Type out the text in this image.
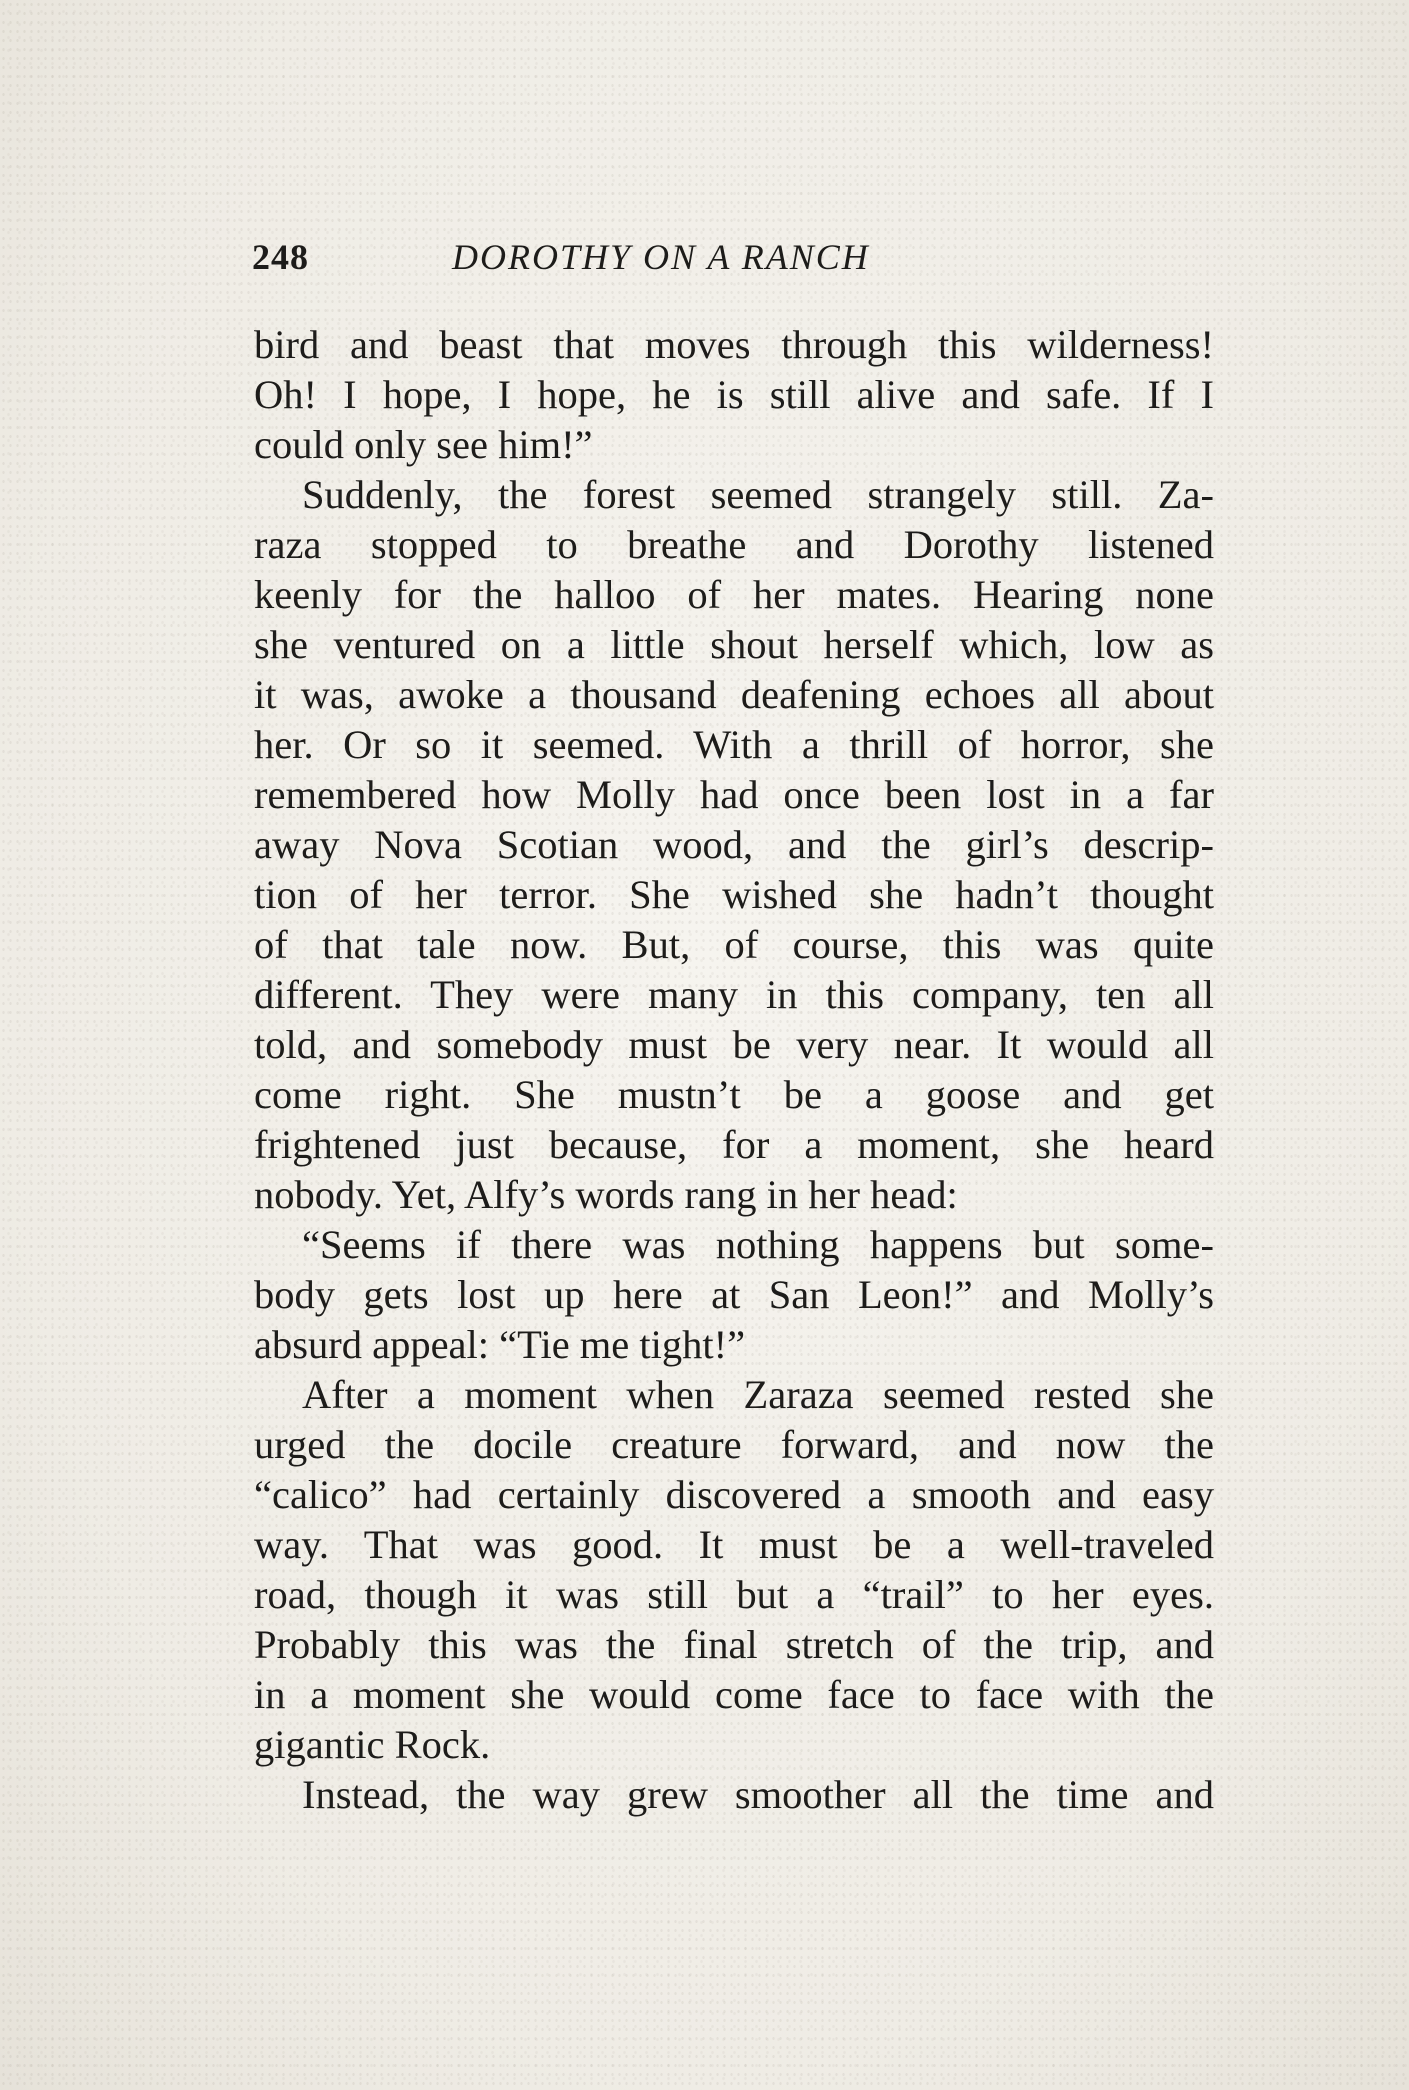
248	DOROTHY ON A RANCH
bird and beast that moves through this wilderness!
Oh! I hope, I hope, he is still alive and safe. If I
could only see him!”
Suddenly, the forest seemed strangely still. Za-
raza stopped to breathe and Dorothy listened
keenly for the halloo of her mates. Hearing none
she ventured on a little shout herself which, low as
it was, awoke a thousand deafening echoes all about
her. Or so it seemed. With a thrill of horror, she
remembered how Molly had once been lost in a far
away Nova Scotian wood, and the girl’s descrip-
tion of her terror. She wished she hadn’t thought
of that tale now. But, of course, this was quite
different. They were many in this company, ten all
told, and somebody must be very near. It would all
come right. She mustn’t be a goose and get
frightened just because, for a moment, she heard
nobody. Yet, Alfy’s words rang in her head:
“Seems if there was nothing happens but some-
body gets lost up here at San Leon!” and Molly’s
absurd appeal: “Tie me tight!”
After a moment when Zaraza seemed rested she
urged the docile creature forward, and now the
“calico” had certainly discovered a smooth and easy
way. That was good. It must be a well-traveled
road, though it was still but a “trail” to her eyes.
Probably this was the final stretch of the trip, and
in a moment she would come face to face with the
gigantic Rock.
Instead, the way grew smoother all the time and
